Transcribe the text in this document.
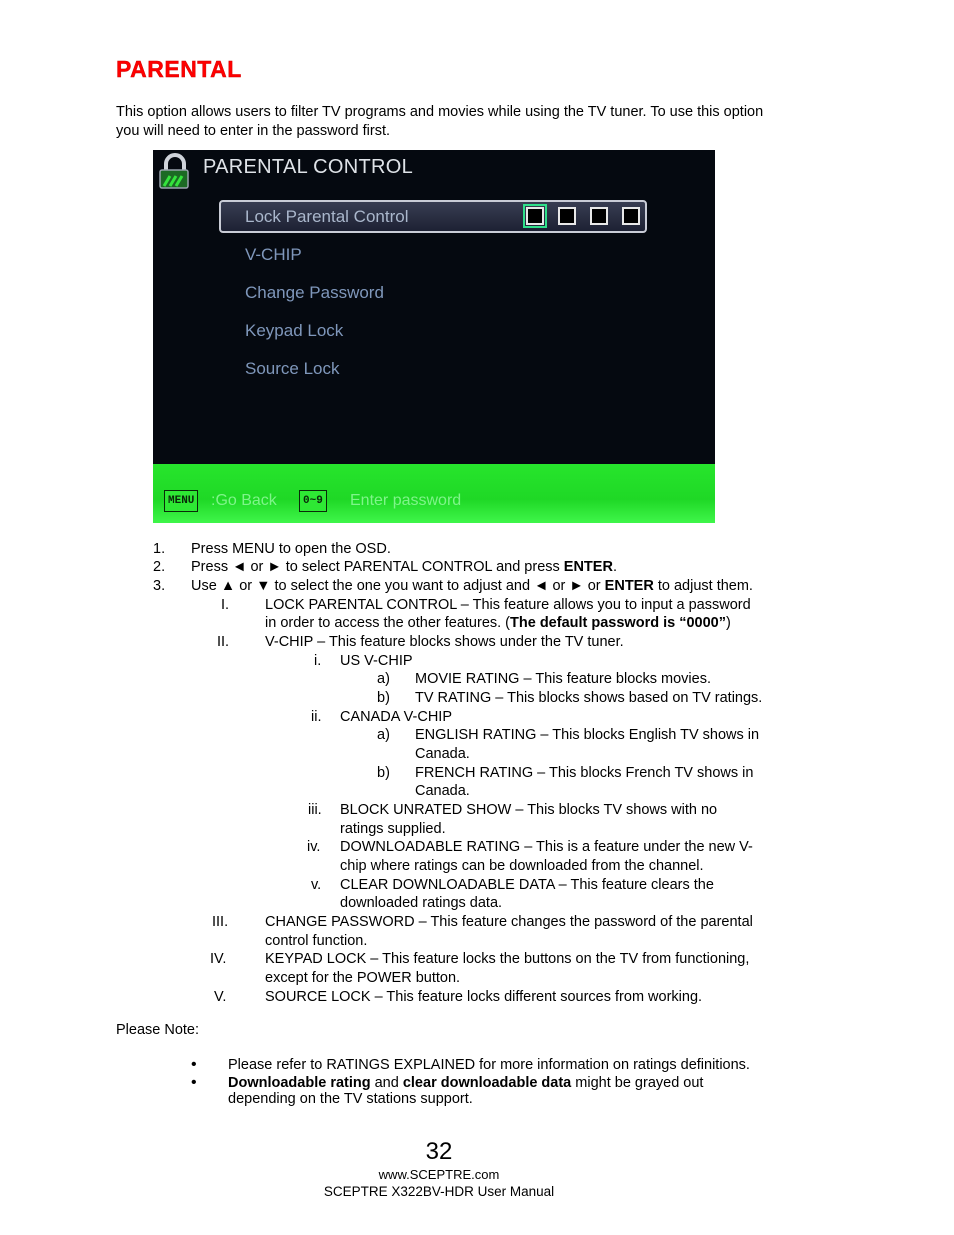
PARENTAL
This option allows users to filter TV programs and movies while using the TV tuner. To use this option you will need to enter in the password first.
PARENTAL CONTROL
Lock Parental Control
V-CHIP
Change Password
Keypad Lock
Source Lock
MENU :Go Back	0~9 Enter password
1. Press MENU to open the OSD.
2. Press ◄ or ► to select PARENTAL CONTROL and press ENTER.
3. Use ▲ or ▼ to select the one you want to adjust and ◄ or ► or ENTER to adjust them.
I. LOCK PARENTAL CONTROL – This feature allows you to input a password
in order to access the other features. (The default password is “0000”)
II. V-CHIP – This feature blocks shows under the TV tuner.
i. US V-CHIP
a) MOVIE RATING – This feature blocks movies.
b) TV RATING – This blocks shows based on TV ratings.
ii. CANADA V-CHIP
a) ENGLISH RATING – This blocks English TV shows in
Canada.
b) FRENCH RATING – This blocks French TV shows in
Canada.
iii. BLOCK UNRATED SHOW – This blocks TV shows with no
ratings supplied.
iv. DOWNLOADABLE RATING – This is a feature under the new V-
chip where ratings can be downloaded from the channel.
v. CLEAR DOWNLOADABLE DATA – This feature clears the
downloaded ratings data.
III.	CHANGE PASSWORD – This feature changes the password of the parental
control function.
IV.	KEYPAD LOCK – This feature locks the buttons on the TV from functioning,
except for the POWER button.
V.	SOURCE LOCK – This feature locks different sources from working.
Please Note:
• Please refer to RATINGS EXPLAINED for more information on ratings definitions.
• Downloadable rating and clear downloadable data might be grayed out
depending on the TV stations support.
32
www.SCEPTRE.com
SCEPTRE X322BV-HDR User Manual
